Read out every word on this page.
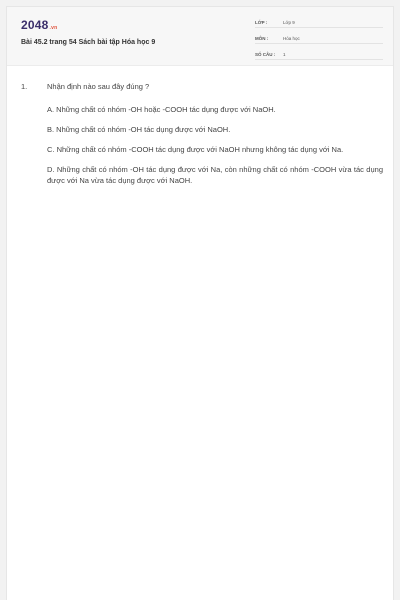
2048.vn
Bài 45.2 trang 54 Sách bài tập Hóa học 9
LỚP :	Lớp 9
MÔN :	Hóa học
SỐ CÂU : 1
1.	Nhận định nào sau đây đúng ?
A. Những chất có nhóm -OH hoặc -COOH tác dụng được với NaOH.
B. Những chất có nhóm -OH tác dụng được với NaOH.
C. Những chất có nhóm -COOH tác dụng được với NaOH nhưng không tác dụng với Na.
D. Những chất có nhóm -OH tác dụng được với Na, còn những chất có nhóm -COOH vừa tác dụng được với Na vừa tác dụng được với NaOH.
